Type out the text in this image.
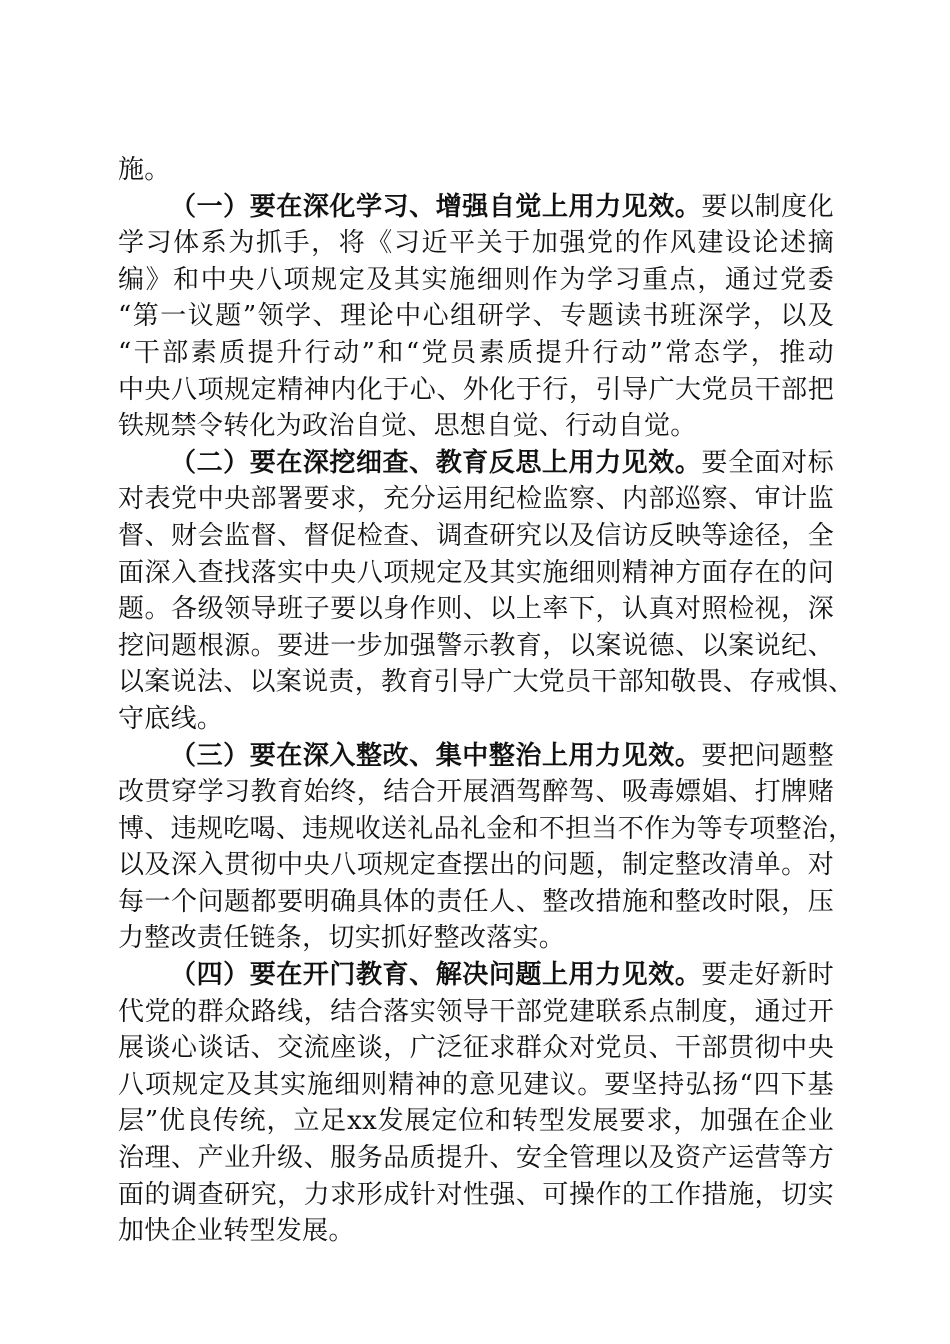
施。
（一）要在深化学习、增强自觉上用力见效。要以制度化
学习体系为抓手，将《习近平关于加强党的作风建设论述摘
编》和中央八项规定及其实施细则作为学习重点，通过党委
“第一议题”领学、理论中心组研学、专题读书班深学，以及
“干部素质提升行动”和“党员素质提升行动”常态学，推动
中央八项规定精神内化于心、外化于行，引导广大党员干部把
铁规禁令转化为政治自觉、思想自觉、行动自觉。
（二）要在深挖细查、教育反思上用力见效。要全面对标
对表党中央部署要求，充分运用纪检监察、内部巡察、审计监
督、财会监督、督促检查、调查研究以及信访反映等途径，全
面深入查找落实中央八项规定及其实施细则精神方面存在的问
题。各级领导班子要以身作则、以上率下，认真对照检视，深
挖问题根源。要进一步加强警示教育，以案说德、以案说纪、
以案说法、以案说责，教育引导广大党员干部知敬畏、存戒惧、
守底线。
（三）要在深入整改、集中整治上用力见效。要把问题整
改贯穿学习教育始终，结合开展酒驾醉驾、吸毒嫖娼、打牌赌
博、违规吃喝、违规收送礼品礼金和不担当不作为等专项整治，
以及深入贯彻中央八项规定查摆出的问题，制定整改清单。对
每一个问题都要明确具体的责任人、整改措施和整改时限，压
力整改责任链条，切实抓好整改落实。
（四）要在开门教育、解决问题上用力见效。要走好新时
代党的群众路线，结合落实领导干部党建联系点制度，通过开
展谈心谈话、交流座谈，广泛征求群众对党员、干部贯彻中央
八项规定及其实施细则精神的意见建议。要坚持弘扬“四下基
层”优良传统，立足xx发展定位和转型发展要求，加强在企业
治理、产业升级、服务品质提升、安全管理以及资产运营等方
面的调查研究，力求形成针对性强、可操作的工作措施，切实
加快企业转型发展。
